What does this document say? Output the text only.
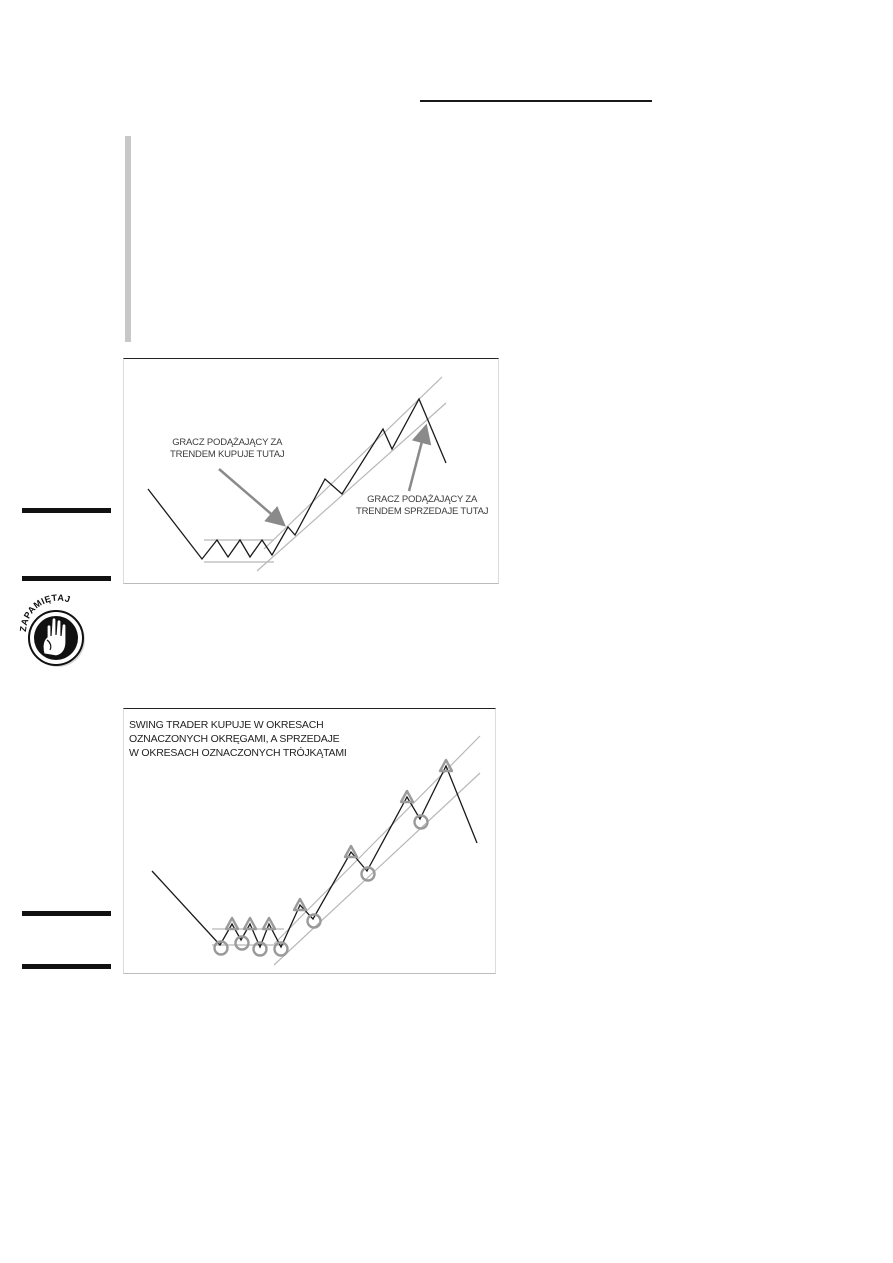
GRACZ PODĄŻAJĄCY ZA
TRENDEM KUPUJE TUTAJ
GRACZ PODĄŻAJĄCY ZA
TRENDEM SPRZEDAJE TUTAJ
ZAPAMIĘTAJ
SWING TRADER KUPUJE W OKRESACH
OZNACZONYCH OKRĘGAMI, A SPRZEDAJE
W OKRESACH OZNACZONYCH TRÓJKĄTAMI
